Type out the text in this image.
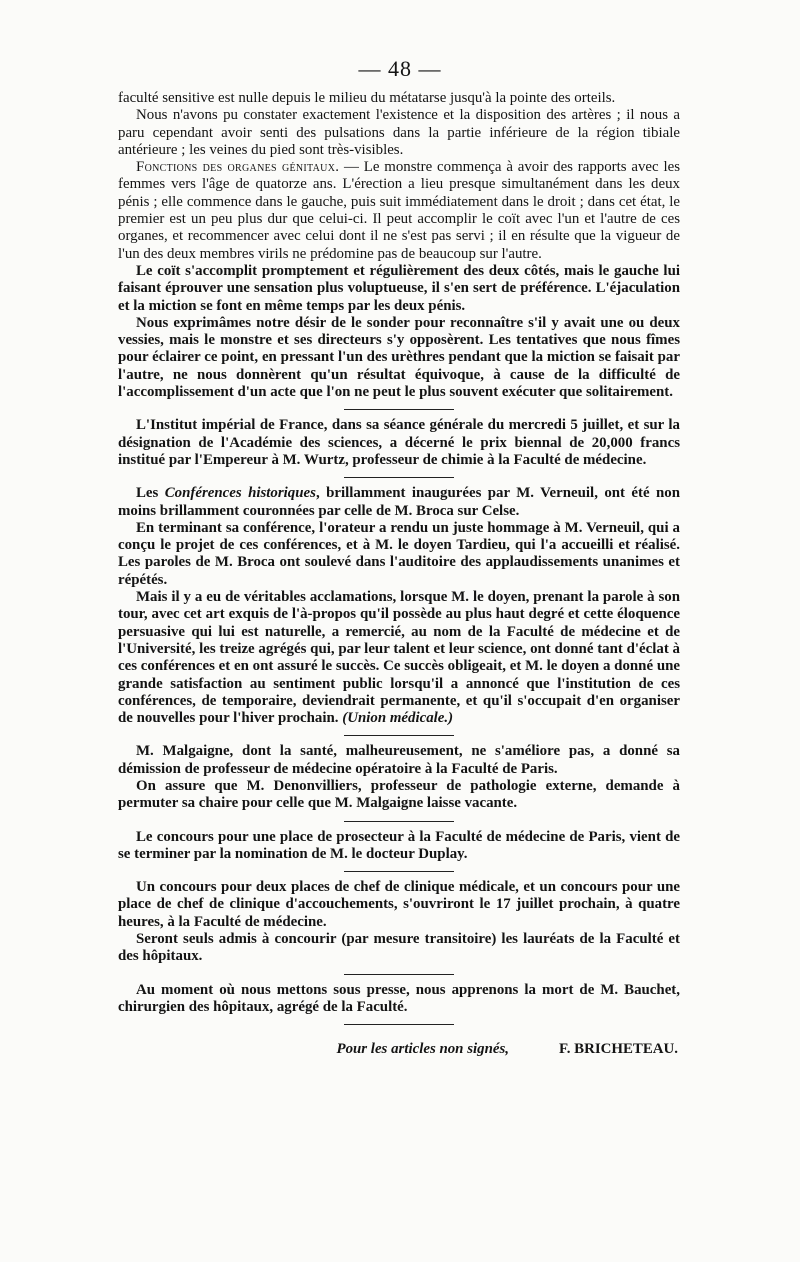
— 48 —

faculté sensitive est nulle depuis le milieu du métatarse jusqu'à la pointe des orteils.

Nous n'avons pu constater exactement l'existence et la disposition des artères ; il nous a paru cependant avoir senti des pulsations dans la partie inférieure de la région tibiale antérieure ; les veines du pied sont très-visibles.

Fonctions des organes génitaux. — Le monstre commença à avoir des rapports avec les femmes vers l'âge de quatorze ans. L'érection a lieu presque simultanément dans les deux pénis ; elle commence dans le gauche, puis suit immédiatement dans le droit ; dans cet état, le premier est un peu plus dur que celui-ci. Il peut accomplir le coït avec l'un et l'autre de ces organes, et recommencer avec celui dont il ne s'est pas servi ; il en résulte que la vigueur de l'un des deux membres virils ne prédomine pas de beaucoup sur l'autre.

Le coït s'accomplit promptement et régulièrement des deux côtés, mais le gauche lui faisant éprouver une sensation plus voluptueuse, il s'en sert de préférence. L'éjaculation et la miction se font en même temps par les deux pénis.

Nous exprimâmes notre désir de le sonder pour reconnaître s'il y avait une ou deux vessies, mais le monstre et ses directeurs s'y opposèrent. Les tentatives que nous fîmes pour éclairer ce point, en pressant l'un des urèthres pendant que la miction se faisait par l'autre, ne nous donnèrent qu'un résultat équivoque, à cause de la difficulté de l'accomplissement d'un acte que l'on ne peut le plus souvent exécuter que solitairement.

L'Institut impérial de France, dans sa séance générale du mercredi 5 juillet, et sur la désignation de l'Académie des sciences, a décerné le prix biennal de 20,000 francs institué par l'Empereur à M. Wurtz, professeur de chimie à la Faculté de médecine.

Les Conférences historiques, brillamment inaugurées par M. Verneuil, ont été non moins brillamment couronnées par celle de M. Broca sur Celse.

En terminant sa conférence, l'orateur a rendu un juste hommage à M. Verneuil, qui a conçu le projet de ces conférences, et à M. le doyen Tardieu, qui l'a accueilli et réalisé. Les paroles de M. Broca ont soulevé dans l'auditoire des applaudissements unanimes et répétés.

Mais il y a eu de véritables acclamations, lorsque M. le doyen, prenant la parole à son tour, avec cet art exquis de l'à-propos qu'il possède au plus haut degré et cette éloquence persuasive qui lui est naturelle, a remercié, au nom de la Faculté de médecine et de l'Université, les treize agrégés qui, par leur talent et leur science, ont donné tant d'éclat à ces conférences et en ont assuré le succès. Ce succès obligeait, et M. le doyen a donné une grande satisfaction au sentiment public lorsqu'il a annoncé que l'institution de ces conférences, de temporaire, deviendrait permanente, et qu'il s'occupait d'en organiser de nouvelles pour l'hiver prochain. (Union médicale.)

M. Malgaigne, dont la santé, malheureusement, ne s'améliore pas, a donné sa démission de professeur de médecine opératoire à la Faculté de Paris.

On assure que M. Denonvilliers, professeur de pathologie externe, demande à permuter sa chaire pour celle que M. Malgaigne laisse vacante.

Le concours pour une place de prosecteur à la Faculté de médecine de Paris, vient de se terminer par la nomination de M. le docteur Duplay.

Un concours pour deux places de chef de clinique médicale, et un concours pour une place de chef de clinique d'accouchements, s'ouvriront le 17 juillet prochain, à quatre heures, à la Faculté de médecine.

Seront seuls admis à concourir (par mesure transitoire) les lauréats de la Faculté et des hôpitaux.

Au moment où nous mettons sous presse, nous apprenons la mort de M. Bauchet, chirurgien des hôpitaux, agrégé de la Faculté.

Pour les articles non signés,	F. BRICHETEAU.
